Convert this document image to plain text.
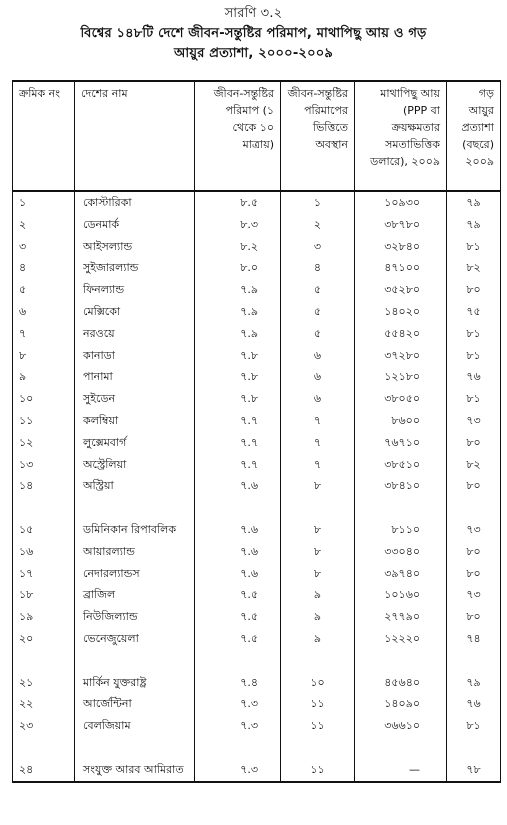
সারণি ৩.২
বিশ্বের ১৪৮টি দেশে জীবন-সন্তুষ্টির পরিমাপ, মাথাপিছু আয় ও গড়
আয়ুর প্রত্যাশা, ২০০০-২০০৯
ক্রমিক নং	দেশের নাম	জীবন-সন্তুষ্টির পরিমাপ (১ থেকে ১০ মাত্রায়)	জীবন-সন্তুষ্টির পরিমাপের ভিত্তিতে অবস্থান	মাথাপিছু আয় (PPP বা ক্রয়ক্ষমতার সমতাভিত্তিক ডলারে), ২০০৯	গড় আয়ুর প্রত্যাশা (বছরে) ২০০৯
১	কোস্টারিকা	৮.৫	১	১০৯৩০	৭৯
২	ডেনমার্ক	৮.৩	২	৩৮৭৮০	৭৯
৩	আইসল্যান্ড	৮.২	৩	৩২৮৪০	৮১
৪	সুইজারল্যান্ড	৮.০	৪	৪৭১০০	৮২
৫	ফিনল্যান্ড	৭.৯	৫	৩৫২৮০	৮০
৬	মেক্সিকো	৭.৯	৫	১৪০২০	৭৫
৭	নরওয়ে	৭.৯	৫	৫৫৪২০	৮১
৮	কানাডা	৭.৮	৬	৩৭২৮০	৮১
৯	পানামা	৭.৮	৬	১২১৮০	৭৬
১০	সুইডেন	৭.৮	৬	৩৮০৫০	৮১
১১	কলম্বিয়া	৭.৭	৭	৮৬০০	৭৩
১২	লুক্সেমবার্গ	৭.৭	৭	৭৬৭১০	৮০
১৩	অস্ট্রেলিয়া	৭.৭	৭	৩৮৫১০	৮২
১৪	অস্ট্রিয়া	৭.৬	৮	৩৮৪১০	৮০
১৫	ডমিনিকান রিপাবলিক	৭.৬	৮	৮১১০	৭৩
১৬	আয়ারল্যান্ড	৭.৬	৮	৩৩০৪০	৮০
১৭	নেদারল্যান্ডস	৭.৬	৮	৩৯৭৪০	৮০
১৮	ব্রাজিল	৭.৫	৯	১০১৬০	৭৩
১৯	নিউজিল্যান্ড	৭.৫	৯	২৭৭৯০	৮০
২০	ভেনেজুয়েলা	৭.৫	৯	১২২২০	৭৪
২১	মার্কিন যুক্তরাষ্ট্র	৭.৪	১০	৪৫৬৪০	৭৯
২২	আর্জেন্টিনা	৭.৩	১১	১৪০৯০	৭৬
২৩	বেলজিয়াম	৭.৩	১১	৩৬৬১০	৮১
২৪	সংযুক্ত আরব আমিরাত	৭.৩	১১	—	৭৮
